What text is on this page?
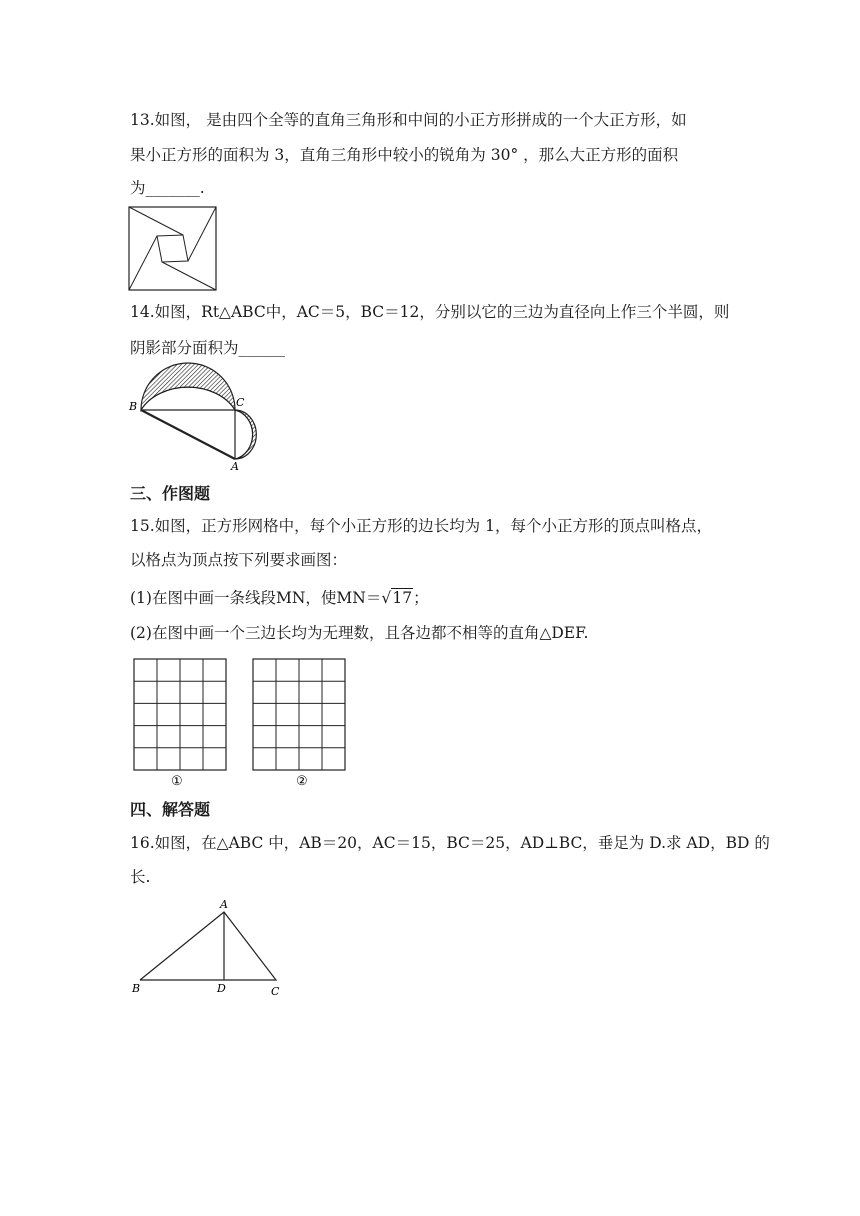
13.如图， 是由四个全等的直角三角形和中间的小正方形拼成的一个大正方形，如
果小正方形的面积为 3，直角三角形中较小的锐角为 30° ，那么大正方形的面积
为_______.
14.如图，Rt△ABC中，AC＝5，BC＝12，分别以它的三边为直径向上作三个半圆，则
阴影部分面积为______
B	C
A
三、作图题
15.如图，正方形网格中，每个小正方形的边长均为 1，每个小正方形的顶点叫格点，
以格点为顶点按下列要求画图：
(1)在图中画一条线段MN，使MN＝ √ 17；
(2)在图中画一个三边长均为无理数，且各边都不相等的直角△DEF.
①	②
四、解答题
16.如图，在△ABC 中，AB＝20，AC＝15，BC＝25，AD⊥BC，垂足为 D.求 AD，BD 的
长.
A
B	D	C
